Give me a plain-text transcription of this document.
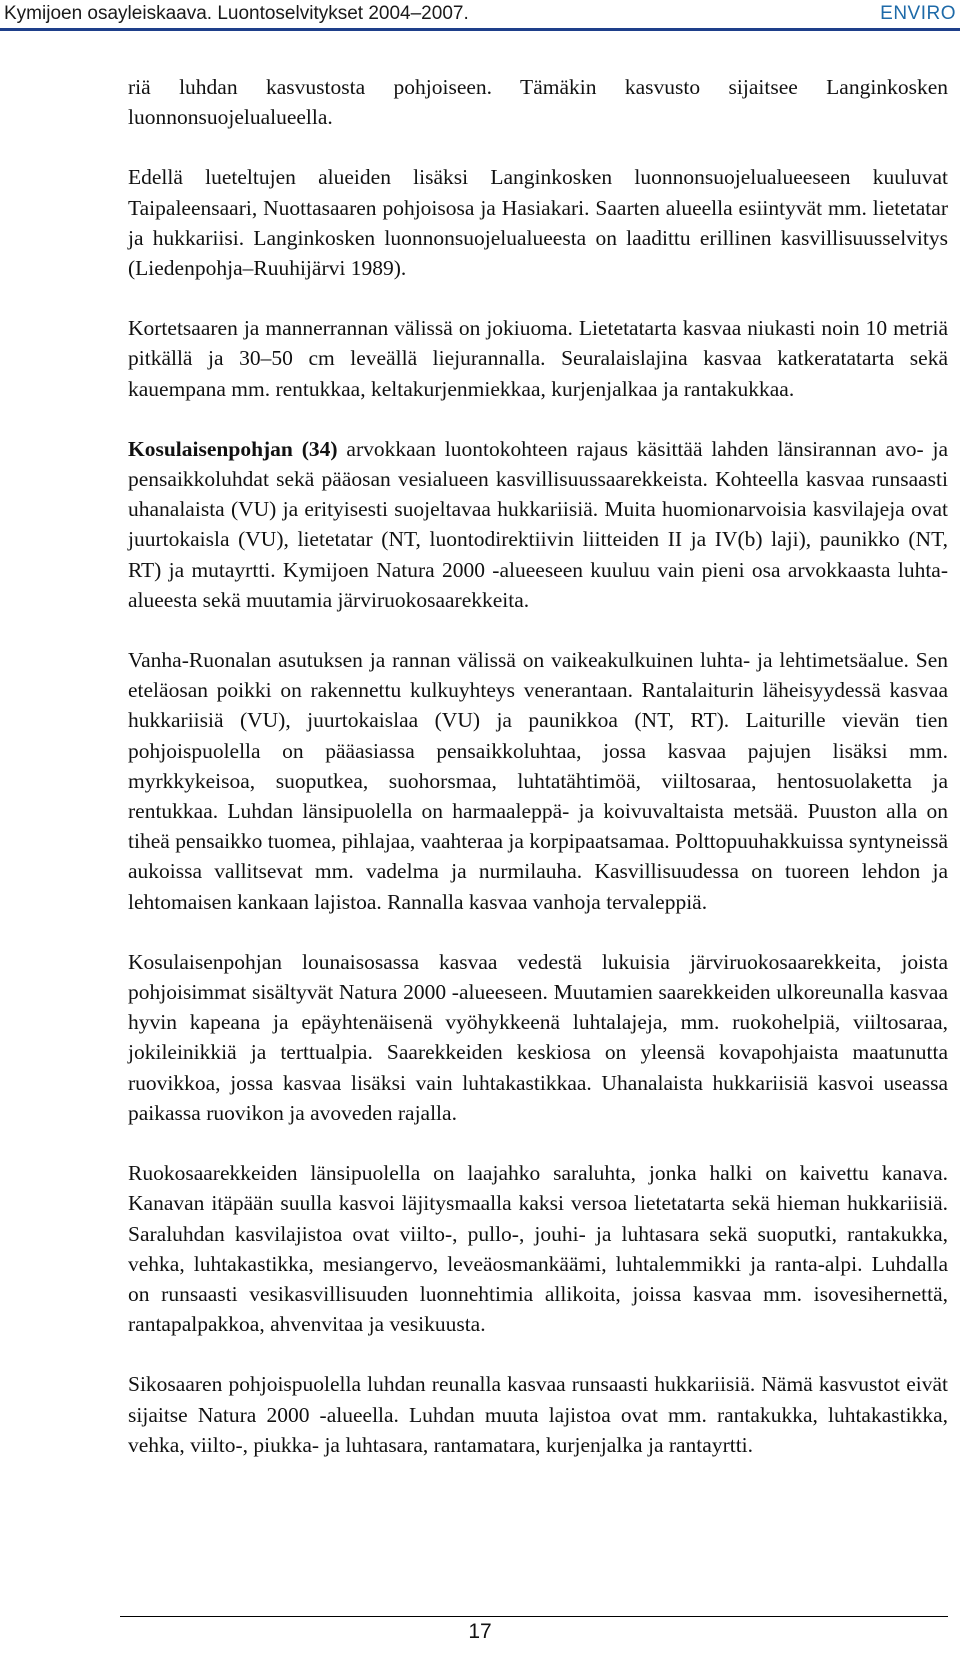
Kymijoen osayleiskaava. Luontoselvitykset 2004–2007.	ENVIRO

riä luhdan kasvustosta pohjoiseen. Tämäkin kasvusto sijaitsee Langinkosken luonnonsuojelualueella.

Edellä lueteltujen alueiden lisäksi Langinkosken luonnonsuojelualueeseen kuuluvat Taipaleensaari, Nuottasaaren pohjoisosa ja Hasiakari. Saarten alueella esiintyvät mm. lietetatar ja hukkariisi. Langinkosken luonnonsuojelualueesta on laadittu erillinen kasvillisuusselvitys (Liedenpohja–Ruuhijärvi 1989).

Kortetsaaren ja mannerrannan välissä on jokiuoma. Lietetatarta kasvaa niukasti noin 10 metriä pitkällä ja 30–50 cm leveällä liejurannalla. Seuralaislajina kasvaa katkeratatarta sekä kauempana mm. rentukkaa, keltakurjenmiekkaa, kurjenjalkaa ja rantakukkaa.

Kosulaisenpohjan (34) arvokkaan luontokohteen rajaus käsittää lahden länsirannan avo- ja pensaikkoluhdat sekä pääosan vesialueen kasvillisuussaarekkeista. Kohteella kasvaa runsaasti uhanalaista (VU) ja erityisesti suojeltavaa hukkariisiä. Muita huomionarvoisia kasvilajeja ovat juurtokaisla (VU), lietetatar (NT, luontodirektiivin liitteiden II ja IV(b) laji), paunikko (NT, RT) ja mutayrtti. Kymijoen Natura 2000 -alueeseen kuuluu vain pieni osa arvokkaasta luhta-alueesta sekä muutamia järviruokosaarekkeita.

Vanha-Ruonalan asutuksen ja rannan välissä on vaikeakulkuinen luhta- ja lehtimetsäalue. Sen eteläosan poikki on rakennettu kulkuyhteys venerantaan. Rantalaiturin läheisyydessä kasvaa hukkariisiä (VU), juurtokaislaa (VU) ja paunikkoa (NT, RT). Laiturille vievän tien pohjoispuolella on pääasiassa pensaikkoluhtaa, jossa kasvaa pajujen lisäksi mm. myrkkykeisoa, suoputkea, suohorsmaa, luhtatähtimöä, viiltosaraa, hentosuolaketta ja rentukkaa. Luhdan länsipuolella on harmaaleppä- ja koivuvaltaista metsää. Puuston alla on tiheä pensaikko tuomea, pihlajaa, vaahteraa ja korpipaatsamaa. Polttopuuhakkuissa syntyneissä aukoissa vallitsevat mm. vadelma ja nurmilauha. Kasvillisuudessa on tuoreen lehdon ja lehtomaisen kankaan lajistoa. Rannalla kasvaa vanhoja tervaleppiä.

Kosulaisenpohjan lounaisosassa kasvaa vedestä lukuisia järviruokosaarekkeita, joista pohjoisimmat sisältyvät Natura 2000 -alueeseen. Muutamien saarekkeiden ulkoreunalla kasvaa hyvin kapeana ja epäyhtenäisenä vyöhykkeenä luhtalajeja, mm. ruokohelpiä, viiltosaraa, jokileinikkiä ja terttualpia. Saarekkeiden keskiosa on yleensä kovapohjaista maatunutta ruovikkoa, jossa kasvaa lisäksi vain luhtakastikkaa. Uhanalaista hukkariisiä kasvoi useassa paikassa ruovikon ja avoveden rajalla.

Ruokosaarekkeiden länsipuolella on laajahko saraluhta, jonka halki on kaivettu kanava. Kanavan itäpään suulla kasvoi läjitysmaalla kaksi versoa lietetatarta sekä hieman hukkariisiä. Saraluhdan kasvilajistoa ovat viilto-, pullo-, jouhi- ja luhtasara sekä suoputki, rantakukka, vehka, luhtakastikka, mesiangervo, leveäosmankäämi, luhtalemmikki ja ranta-alpi. Luhdalla on runsaasti vesikasvillisuuden luonnehtimia allikoita, joissa kasvaa mm. isovesihernettä, rantapalpakkoa, ahvenvitaa ja vesikuusta.

Sikosaaren pohjoispuolella luhdan reunalla kasvaa runsaasti hukkariisiä. Nämä kasvustot eivät sijaitse Natura 2000 -alueella. Luhdan muuta lajistoa ovat mm. rantakukka, luhtakastikka, vehka, viilto-, piukka- ja luhtasara, rantamatara, kurjenjalka ja rantayrtti.

17
